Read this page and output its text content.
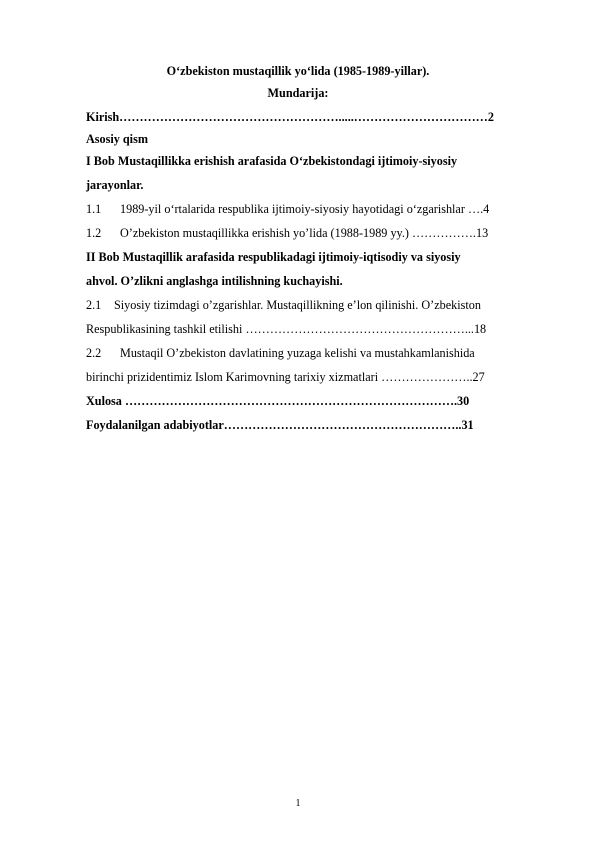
O‘zbekiston mustaqillik yo‘lida (1985-1989-yillar).
Mundarija:
Kirish……………………………………………….....……………………………2
Asosiy qism
I Bob Mustaqillikka erishish arafasida O‘zbekistondagi ijtimoiy-siyosiy
jarayonlar.
1.1 1989-yil o‘rtalarida respublika ijtimoiy-siyosiy hayotidagi o‘zgarishlar ….4
1.2 O’zbekiston mustaqillikka erishish yo’lida (1988-1989 yy.) …………….13
II Bob Mustaqillik arafasida respublikadagi ijtimoiy-iqtisodiy va siyosiy
ahvol. O’zlikni anglashga intilishning kuchayishi.
2.1 Siyosiy tizimdagi o’zgarishlar. Mustaqillikning e’lon qilinishi. O’zbekiston
Respublikasining tashkil etilishi ………………………………………………...18
2.2 Mustaqil O’zbekiston davlatining yuzaga kelishi va mustahkamlanishida
birinchi prizidentimiz Islom Karimovning tarixiy xizmatlari …………………..27
Xulosa ……………………………………………………………………….30
Foydalanilgan adabiyotlar…………………………………………………..31
1
